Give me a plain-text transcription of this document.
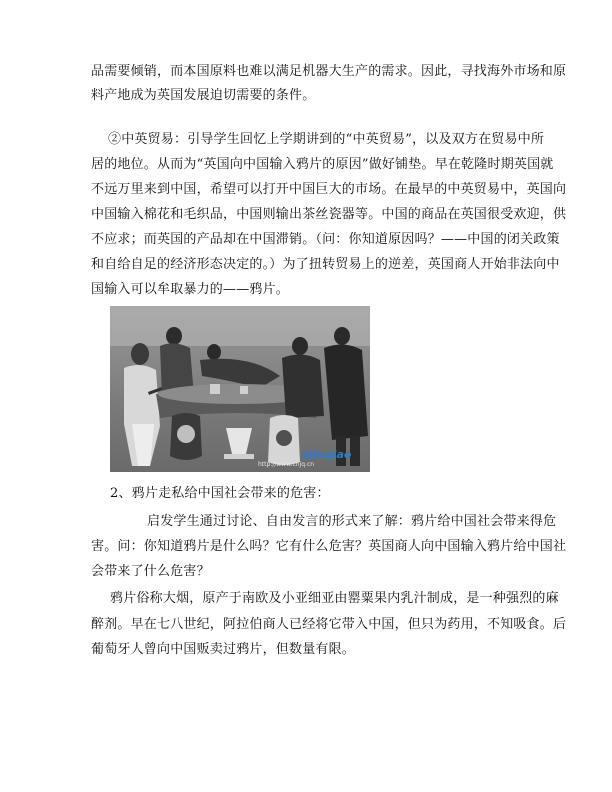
品需要倾销，而本国原料也难以满足机器大生产的需求。因此，寻找海外市场和原
料产地成为英国发展迫切需要的条件。
②中英贸易：引导学生回忆上学期讲到的“中英贸易”，以及双方在贸易中所
居的地位。从而为“英国向中国输入鸦片的原因”做好铺垫。早在乾隆时期英国就
不远万里来到中国，希望可以打开中国巨大的市场。在最早的中英贸易中，英国向
中国输入棉花和毛织品，中国则输出茶丝瓷器等。中国的商品在英国很受欢迎，供
不应求；而英国的产品却在中国滞销。（问：你知道原因吗？——中国的闭关政策
和自给自足的经济形态决定的。）为了扭转贸易上的逆差，英国商人开始非法向中
国输入可以牟取暴力的——鸦片。
ejinqiao
http://www.cnjq.cn
2、鸦片走私给中国社会带来的危害：
启发学生通过讨论、自由发言的形式来了解：鸦片给中国社会带来得危
害。问：你知道鸦片是什么吗？它有什么危害？英国商人向中国输入鸦片给中国社
会带来了什么危害？
鸦片俗称大烟，原产于南欧及小亚细亚由罂粟果内乳汁制成，是一种强烈的麻
醉剂。早在七八世纪，阿拉伯商人已经将它带入中国，但只为药用，不知吸食。后
葡萄牙人曾向中国贩卖过鸦片，但数量有限。
